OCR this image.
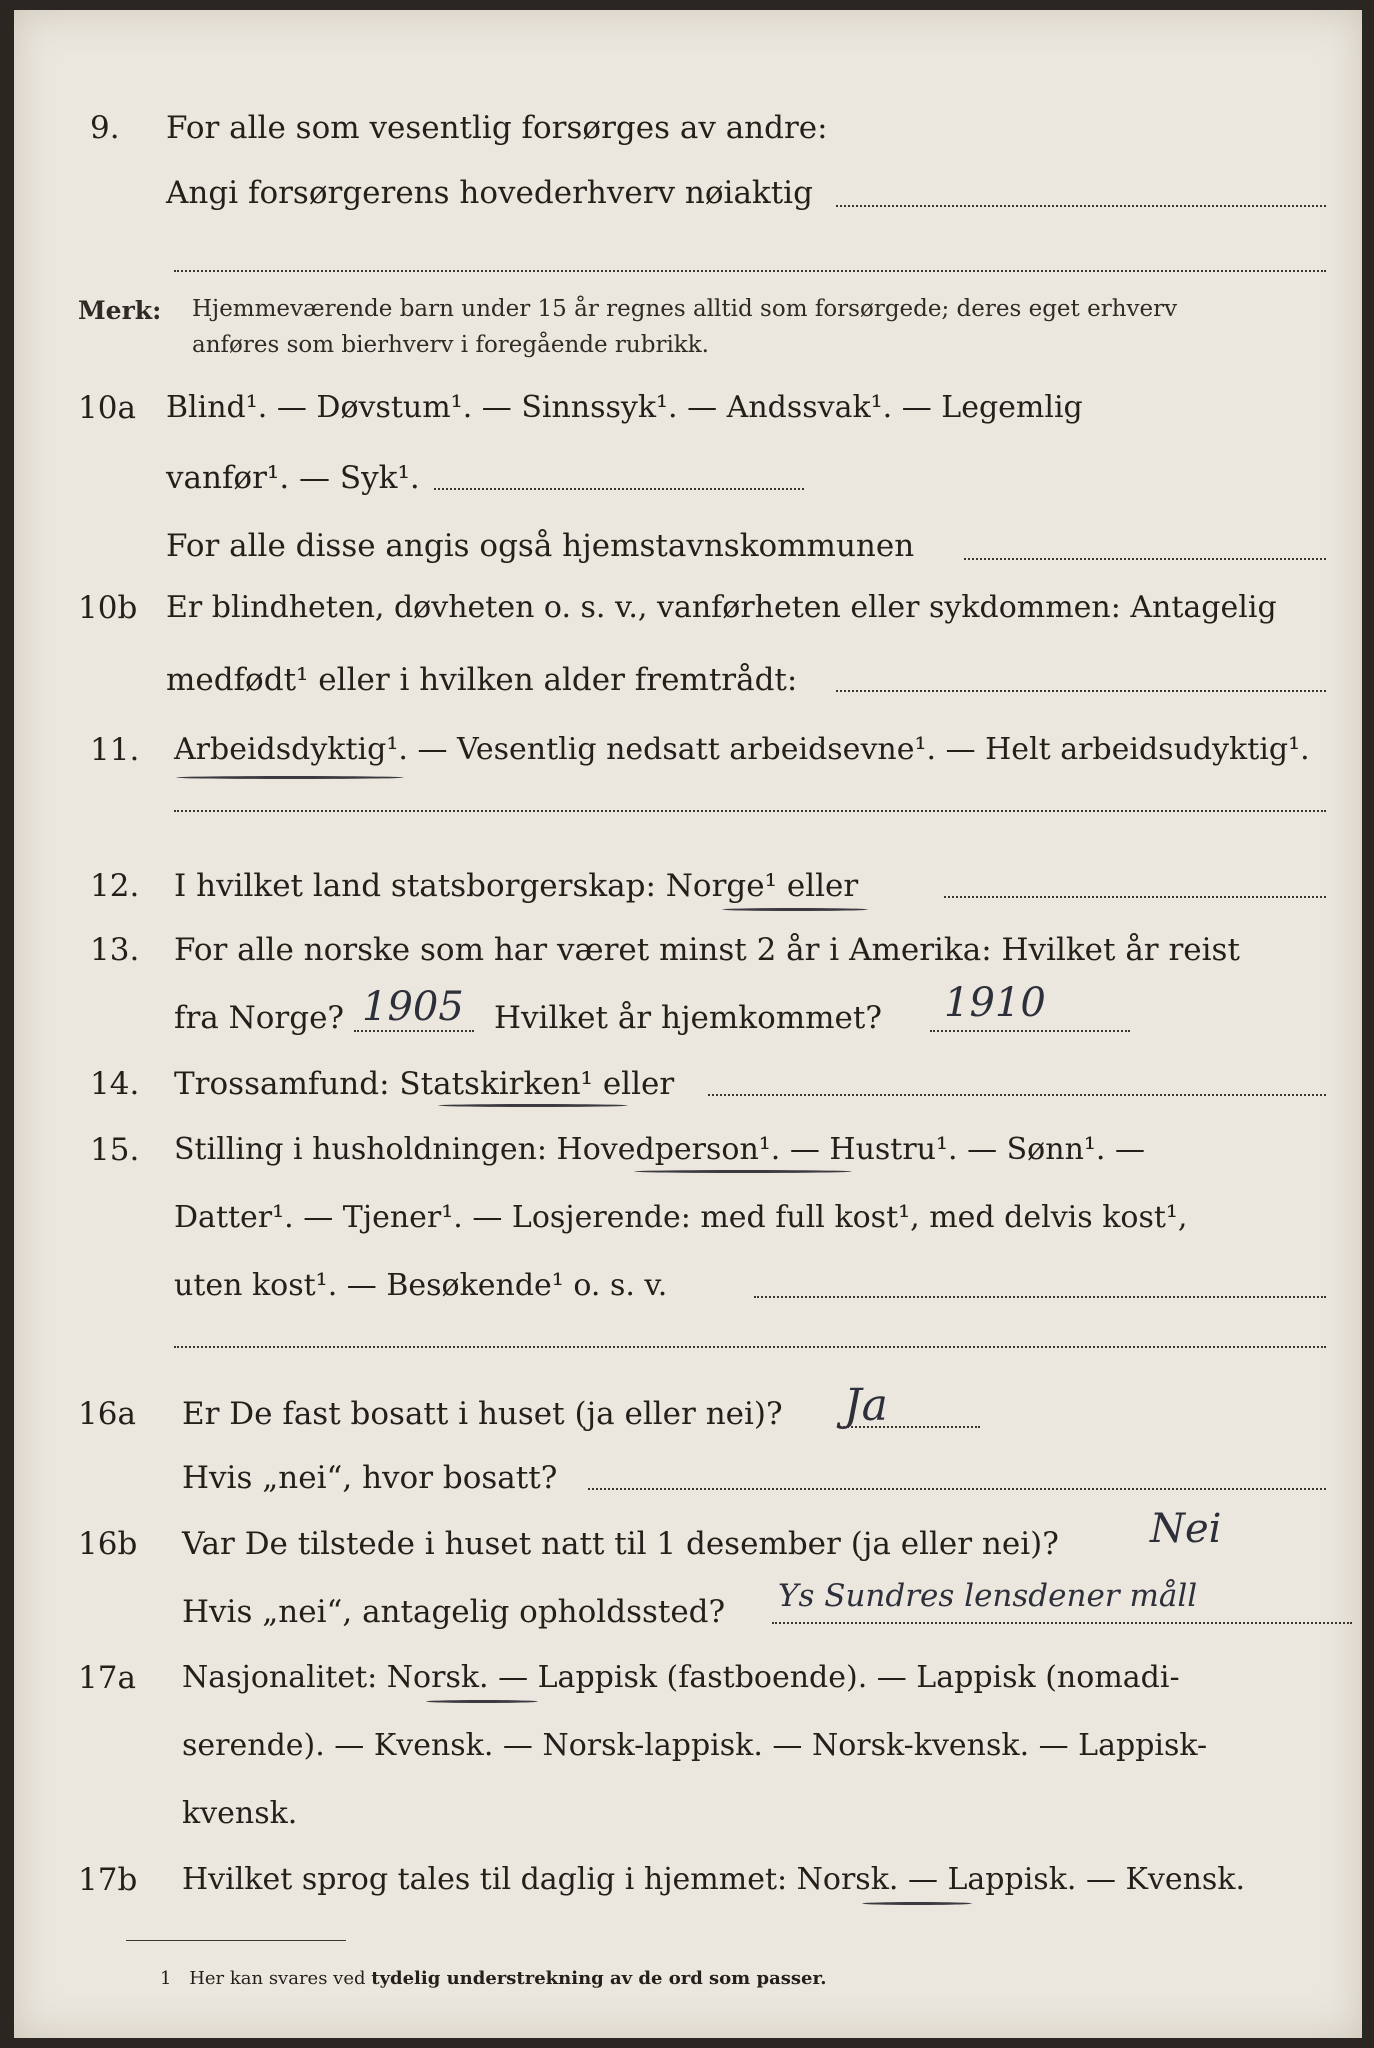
9. For alle som vesentlig forsørges av andre:
Angi forsørgerens hovederhverv nøiaktig
Merk: Hjemmeværende barn under 15 år regnes alltid som forsørgede; deres eget erhverv
anføres som bierhverv i foregående rubrikk.
10a Blind¹. — Døvstum¹. — Sinnssyk¹. — Andssvak¹. — Legemlig
vanfør¹. — Syk¹.
For alle disse angis også hjemstavnskommunen
10b Er blindheten, døvheten o. s. v., vanførheten eller sykdommen: Antagelig
medfødt¹ eller i hvilken alder fremtrådt:
11. Arbeidsdyktig¹. — Vesentlig nedsatt arbeidsevne¹. — Helt arbeidsudyktig¹.
12. I hvilket land statsborgerskap: Norge¹ eller
13. For alle norske som har været minst 2 år i Amerika: Hvilket år reist
fra Norge? 1905 Hvilket år hjemkommet? 1910
14. Trossamfund: Statskirken¹ eller
15. Stilling i husholdningen: Hovedperson¹. — Hustru¹. — Sønn¹. —
Datter¹. — Tjener¹. — Losjerende: med full kost¹, med delvis kost¹,
uten kost¹. — Besøkende¹ o. s. v.
16a Er De fast bosatt i huset (ja eller nei)? Ja
Hvis „nei“, hvor bosatt?
16b Var De tilstede i huset natt til 1 desember (ja eller nei)? Nei
Hvis „nei“, antagelig opholdssted? Ys Sundres lensdener måll
17a Nasjonalitet: Norsk. — Lappisk (fastboende). — Lappisk (nomadi-
serende). — Kvensk. — Norsk-lappisk. — Norsk-kvensk. — Lappisk-
kvensk.
17b Hvilket sprog tales til daglig i hjemmet: Norsk. — Lappisk. — Kvensk.
1 Her kan svares ved tydelig understrekning av de ord som passer.
